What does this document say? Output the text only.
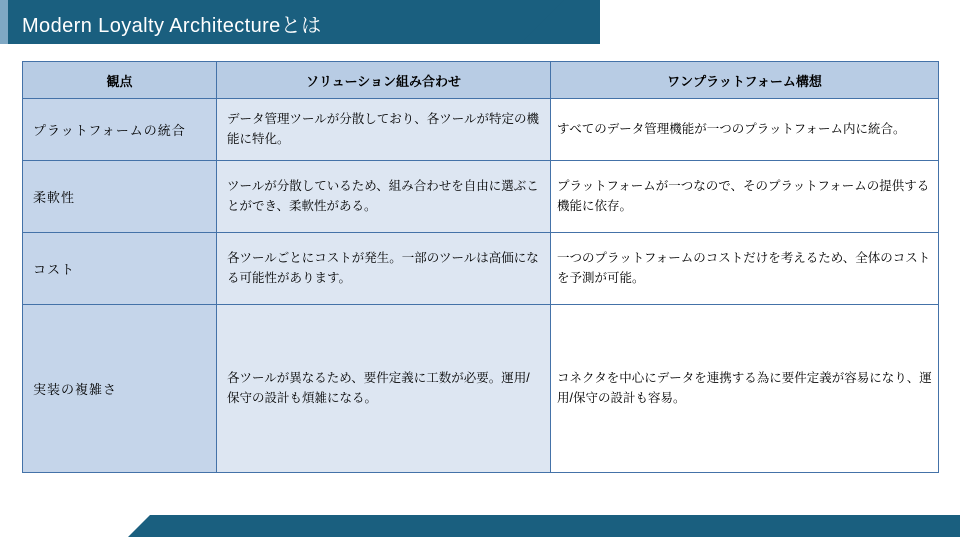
Modern Loyalty Architectureとは
観点	ソリューション組み合わせ	ワンプラットフォーム構想
プラットフォームの統合	データ管理ツールが分散しており、各ツールが特定の機能に特化。	すべてのデータ管理機能が一つのプラットフォーム内に統合。
柔軟性	ツールが分散しているため、組み合わせを自由に選ぶことができ、柔軟性がある。	プラットフォームが一つなので、そのプラットフォームの提供する機能に依存。
コスト	各ツールごとにコストが発生。一部のツールは高価になる可能性があります。	一つのプラットフォームのコストだけを考えるため、全体のコストを予測が可能。
実装の複雑さ	各ツールが異なるため、要件定義に工数が必要。運用/保守の設計も煩雑になる。	コネクタを中心にデータを連携する為に要件定義が容易になり、運用/保守の設計も容易。
